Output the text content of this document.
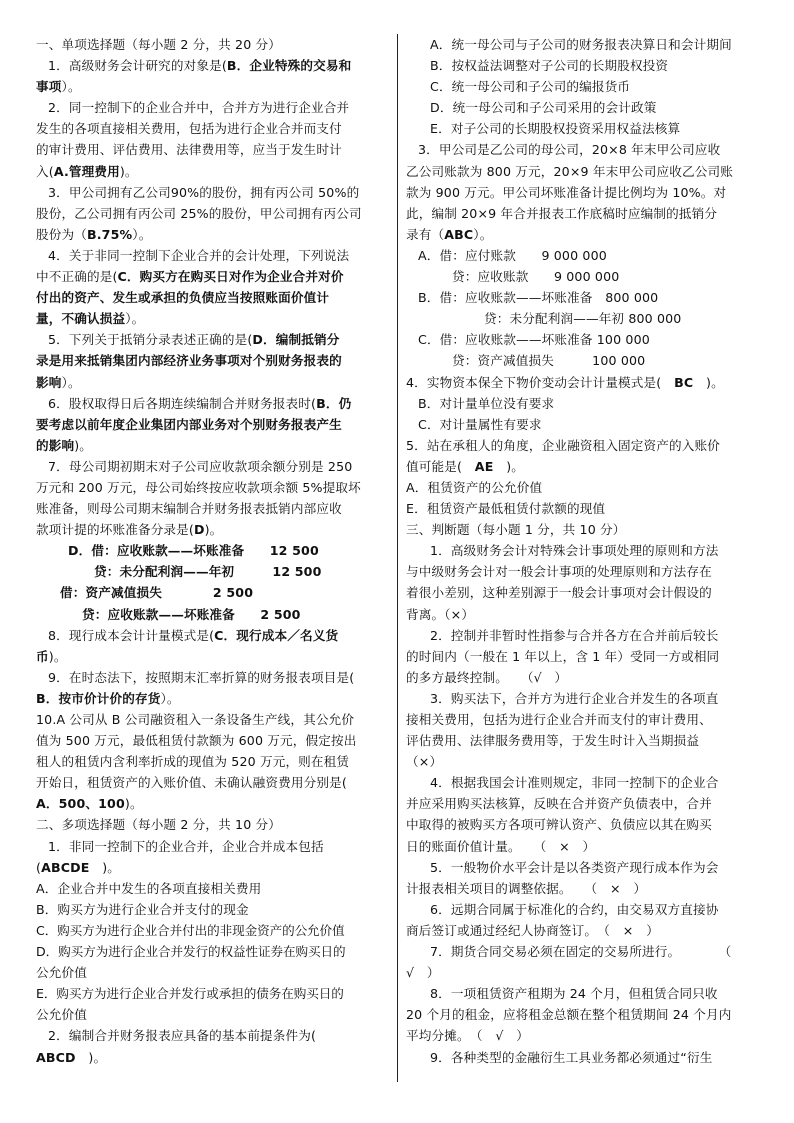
一、单项选择题（每小题 2 分，共 20 分）
1．高级财务会计研究的对象是(B．企业特殊的交易和
事项）。
2．同一控制下的企业合并中，合并方为进行企业合并
发生的各项直接相关费用，包括为进行企业合并而支付
的审计费用、评估费用、法律费用等，应当于发生时计
入(A.管理费用)。
3．甲公司拥有乙公司90%的股份，拥有丙公司 50%的
股份，乙公司拥有丙公司 25%的股份，甲公司拥有丙公司
股份为（B.75%）。
4．关于非同一控制下企业合并的会计处理，下列说法
中不正确的是(C．购买方在购买日对作为企业合并对价
付出的资产、发生或承担的负债应当按照账面价值计
量，不确认损益）。
5．下列关于抵销分录表述正确的是(D．编制抵销分
录是用来抵销集团内部经济业务事项对个别财务报表的
影响）。
6．股权取得日后各期连续编制合并财务报表时(B．仍
要考虑以前年度企业集团内部业务对个别财务报表产生
的影响)。
7．母公司期初期末对子公司应收款项余额分别是 250
万元和 200 万元，母公司始终按应收款项余额 5%提取坏
账准备，则母公司期末编制合并财务报表抵销内部应收
款项计提的坏账准备分录是(D)。
D．借：应收账款——坏账准备　　12 500
贷：未分配利润——年初　　　12 500
借：资产减值损失　　　　2 500
贷：应收账款——坏账准备　　2 500
8．现行成本会计计量模式是(C．现行成本／名义货
币)。
9．在时态法下，按照期末汇率折算的财务报表项目是(
B．按市价计价的存货）。
10.A 公司从 B 公司融资租入一条设备生产线，其公允价
值为 500 万元，最低租赁付款额为 600 万元，假定按出
租人的租赁内含利率折成的现值为 520 万元，则在租赁
开始日，租赁资产的入账价值、未确认融资费用分别是(
A．500、100)。
二、多项选择题（每小题 2 分，共 10 分）
1．非同一控制下的企业合并，企业合并成本包括
(ABCDE　)。
A．企业合并中发生的各项直接相关费用
B．购买方为进行企业合并支付的现金
C．购买方为进行企业合并付出的非现金资产的公允价值
D．购买方为进行企业合并发行的权益性证券在购买日的
公允价值
E．购买方为进行企业合并发行或承担的债务在购买日的
公允价值
2．编制合并财务报表应具备的基本前提条件为(
ABCD　)。
A．统一母公司与子公司的财务报表决算日和会计期间
B．按权益法调整对子公司的长期股权投资
C．统一母公司和子公司的编报货币
D．统一母公司和子公司采用的会计政策
E．对子公司的长期股权投资采用权益法核算
3．甲公司是乙公司的母公司，20×8 年末甲公司应收
乙公司账款为 800 万元，20×9 年末甲公司应收乙公司账
款为 900 万元。甲公司坏账准备计提比例均为 10%。对
此，编制 20×9 年合并报表工作底稿时应编制的抵销分
录有（ABC）。
A．借：应付账款　　9 000 000
贷：应收账款　　9 000 000
B．借：应收账款——坏账准备　800 000
贷：未分配利润——年初 800 000
C．借：应收账款——坏账准备 100 000
贷：资产减值损失　　　100 000
4．实物资本保全下物价变动会计计量模式是(　BC　)。
B．对计量单位没有要求
C．对计量属性有要求
5．站在承租人的角度，企业融资租入固定资产的入账价
值可能是(　AE　)。
A．租赁资产的公允价值
E．租赁资产最低租赁付款额的现值
三、判断题（每小题 1 分，共 10 分）
1．高级财务会计对特殊会计事项处理的原则和方法
与中级财务会计对一般会计事项的处理原则和方法存在
着很小差别，这种差别源于一般会计事项对会计假设的
背离。（×）
2．控制并非暂时性指参与合并各方在合并前后较长
的时间内（一般在 1 年以上，含 1 年）受同一方或相同
的多方最终控制。　　（√　）
3．购买法下，合并方为进行企业合并发生的各项直
接相关费用，包括为进行企业合并而支付的审计费用、
评估费用、法律服务费用等，于发生时计入当期损益
（×）
4．根据我国会计准则规定，非同一控制下的企业合
并应采用购买法核算，反映在合并资产负债表中，合并
中取得的被购买方各项可辨认资产、负债应以其在购买
日的账面价值计量。　　（　×　）
5．一般物价水平会计是以各类资产现行成本作为会
计报表相关项目的调整依据。　　（　×　）
6．远期合同属于标准化的合约，由交易双方直接协
商后签订或通过经纪人协商签订。　（　×　）
7．期货合同交易必须在固定的交易所进行。　　　　（
√　）
8．一项租赁资产租期为 24 个月，但租赁合同只收
20 个月的租金，应将租金总额在整个租赁期间 24 个月内
平均分摊。　（　√　）
9．各种类型的金融衍生工具业务都必须通过“衍生
